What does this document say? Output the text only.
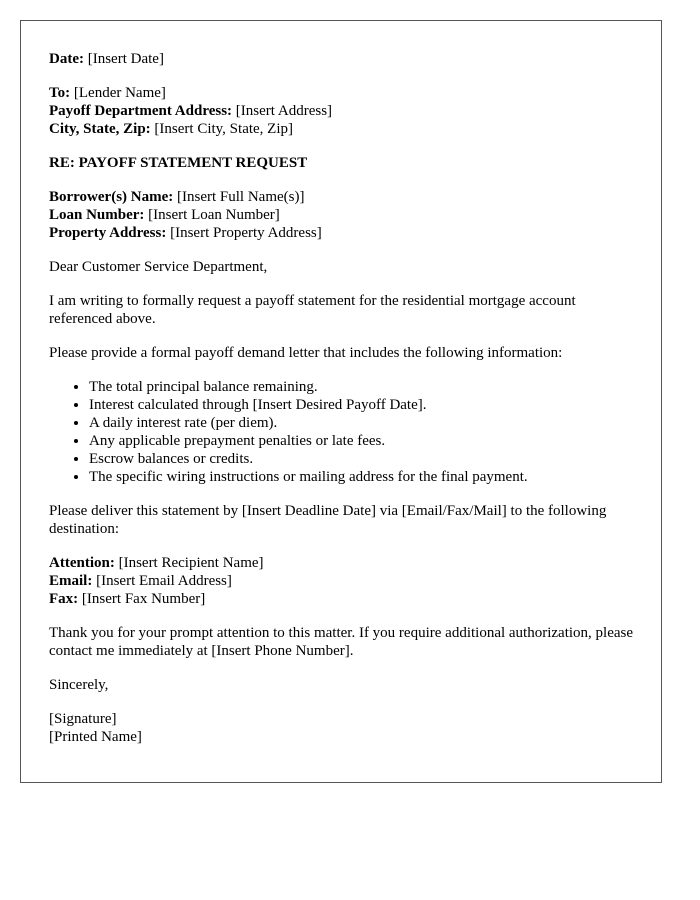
Date: [Insert Date]

To: [Lender Name]
Payoff Department Address: [Insert Address]
City, State, Zip: [Insert City, State, Zip]

RE: PAYOFF STATEMENT REQUEST

Borrower(s) Name: [Insert Full Name(s)]
Loan Number: [Insert Loan Number]
Property Address: [Insert Property Address]

Dear Customer Service Department,

I am writing to formally request a payoff statement for the residential mortgage account referenced above.

Please provide a formal payoff demand letter that includes the following information:

• The total principal balance remaining.
• Interest calculated through [Insert Desired Payoff Date].
• A daily interest rate (per diem).
• Any applicable prepayment penalties or late fees.
• Escrow balances or credits.
• The specific wiring instructions or mailing address for the final payment.

Please deliver this statement by [Insert Deadline Date] via [Email/Fax/Mail] to the following destination:

Attention: [Insert Recipient Name]
Email: [Insert Email Address]
Fax: [Insert Fax Number]

Thank you for your prompt attention to this matter. If you require additional authorization, please contact me immediately at [Insert Phone Number].

Sincerely,

[Signature]
[Printed Name]
